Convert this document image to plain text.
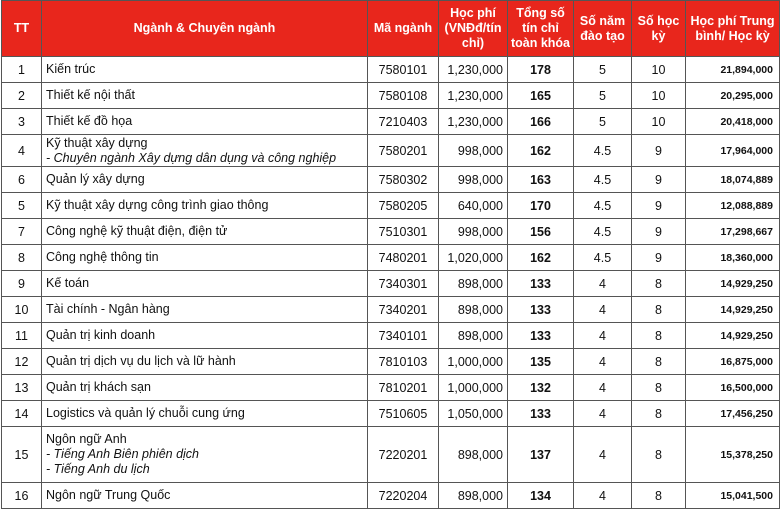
TT	Ngành & Chuyên ngành	Mã ngành	Học phí
(VNĐđ/tín
chỉ)	Tổng số
tín chỉ
toàn khóa	Số năm
đào tạo	Số học
kỳ	Học phí Trung
bình/ Học kỳ

1	Kiến trúc	7580101	1,230,000	178	5	10	21,894,000
2	Thiết kế nội thất	7580108	1,230,000	165	5	10	20,295,000
3	Thiết kế đồ họa	7210403	1,230,000	166	5	10	20,418,000
4	Kỹ thuật xây dựng
- Chuyên ngành Xây dựng dân dụng và công nghiệp	7580201	998,000	162	4.5	9	17,964,000
6	Quản lý xây dựng	7580302	998,000	163	4.5	9	18,074,889
5	Kỹ thuật xây dựng công trình giao thông	7580205	640,000	170	4.5	9	12,088,889
7	Công nghệ kỹ thuật điện, điện tử	7510301	998,000	156	4.5	9	17,298,667
8	Công nghệ thông tin	7480201	1,020,000	162	4.5	9	18,360,000
9	Kế toán	7340301	898,000	133	4	8	14,929,250
10	Tài chính - Ngân hàng	7340201	898,000	133	4	8	14,929,250
11	Quản trị kinh doanh	7340101	898,000	133	4	8	14,929,250
12	Quản trị dịch vụ du lịch và lữ hành	7810103	1,000,000	135	4	8	16,875,000
13	Quản trị khách sạn	7810201	1,000,000	132	4	8	16,500,000
14	Logistics và quản lý chuỗi cung ứng	7510605	1,050,000	133	4	8	17,456,250
15	Ngôn ngữ Anh
- Tiếng Anh Biên phiên dịch
- Tiếng Anh du lịch	7220201	898,000	137	4	8	15,378,250
16	Ngôn ngữ Trung Quốc	7220204	898,000	134	4	8	15,041,500
